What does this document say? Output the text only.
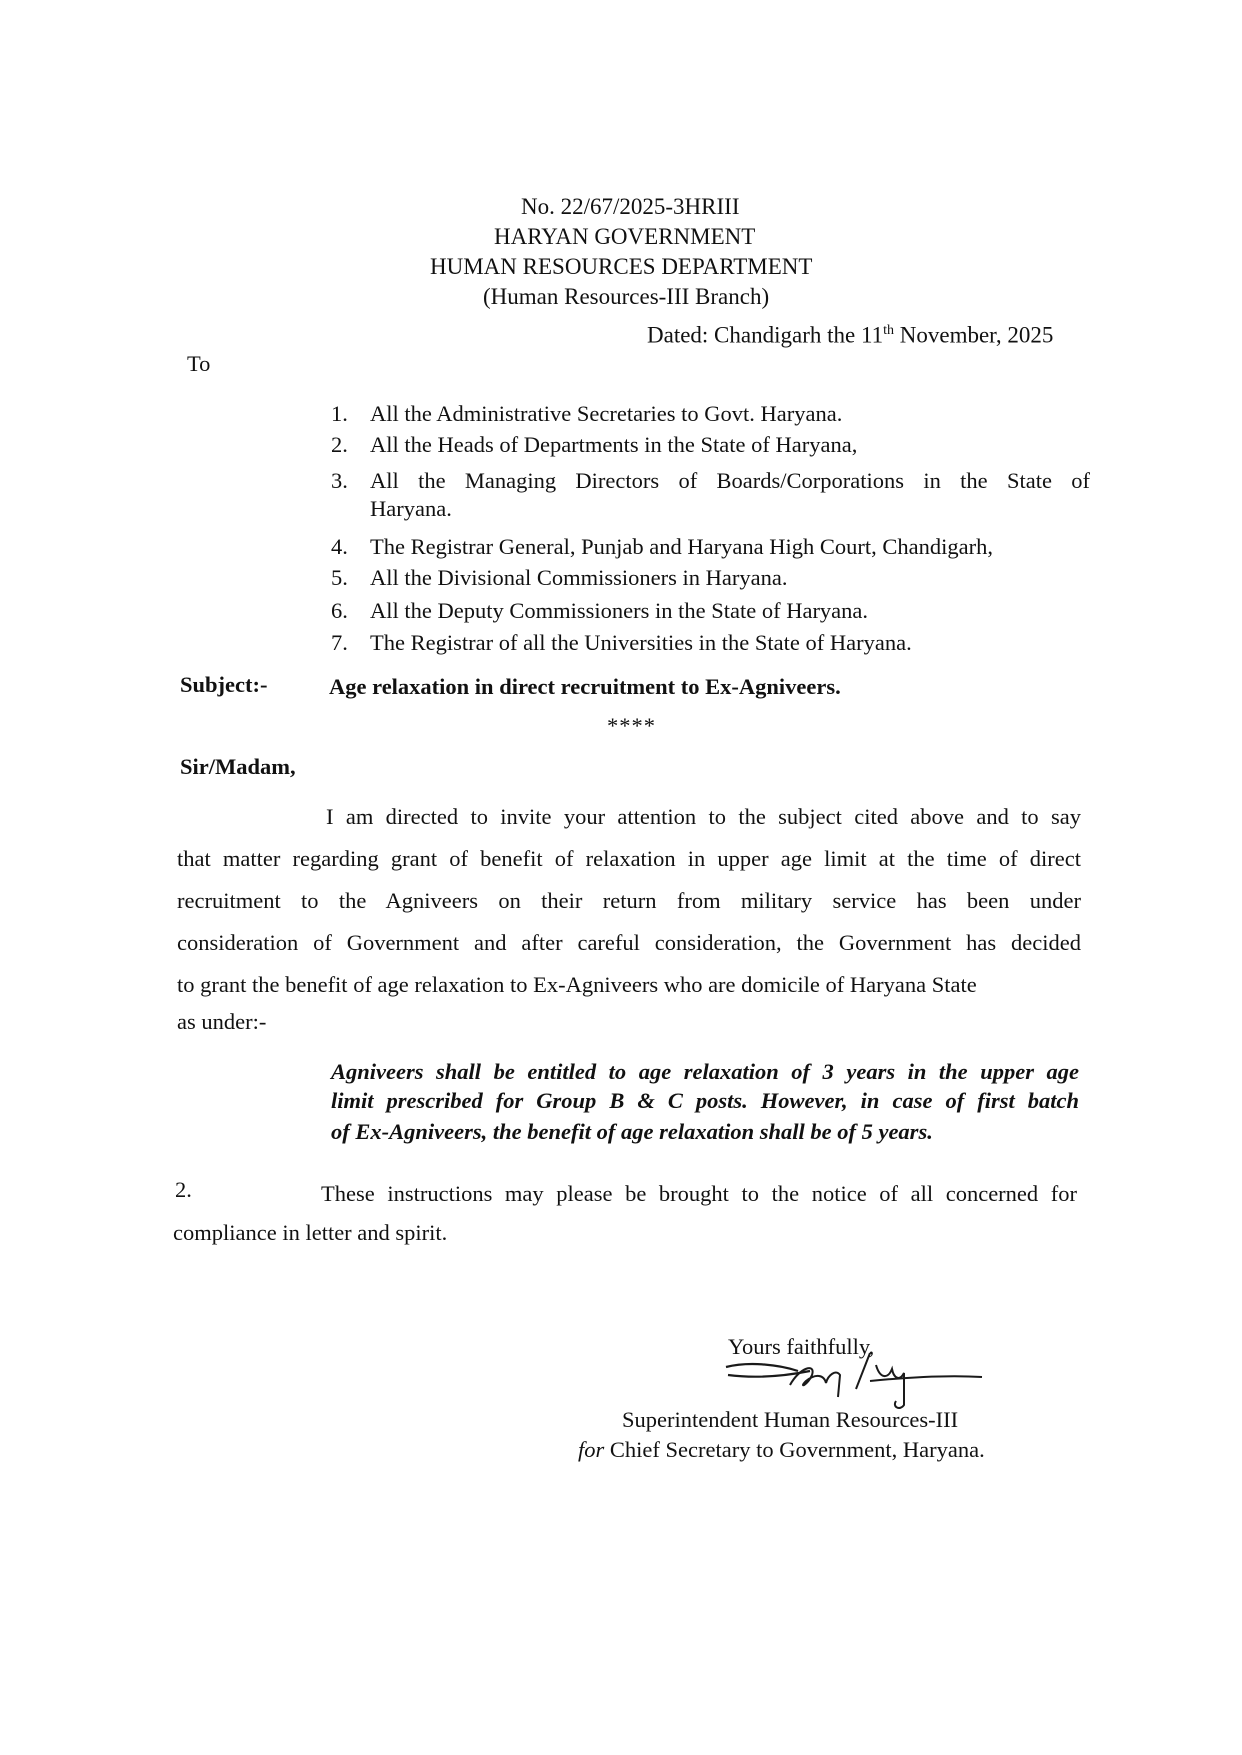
No. 22/67/2025-3HRIII
HARYAN GOVERNMENT
HUMAN RESOURCES DEPARTMENT
(Human Resources-III Branch)
Dated: Chandigarh the 11th November, 2025
To
1. All the Administrative Secretaries to Govt. Haryana.
2. All the Heads of Departments in the State of Haryana,
3. All the Managing Directors of Boards/Corporations in the State of
Haryana.
4. The Registrar General, Punjab and Haryana High Court, Chandigarh,
5. All the Divisional Commissioners in Haryana.
6. All the Deputy Commissioners in the State of Haryana.
7. The Registrar of all the Universities in the State of Haryana.
Subject:-	Age relaxation in direct recruitment to Ex-Agniveers.
****
Sir/Madam,
I am directed to invite your attention to the subject cited above and to say
that matter regarding grant of benefit of relaxation in upper age limit at the time of direct
recruitment to the Agniveers on their return from military service has been under
consideration of Government and after careful consideration, the Government has decided
to grant the benefit of age relaxation to Ex-Agniveers who are domicile of Haryana State
as under:-
Agniveers shall be entitled to age relaxation of 3 years in the upper age
limit prescribed for Group B & C posts. However, in case of first batch
of Ex-Agniveers, the benefit of age relaxation shall be of 5 years.
2.	These instructions may please be brought to the notice of all concerned for
compliance in letter and spirit.
Yours faithfully,
Superintendent Human Resources-III
for Chief Secretary to Government, Haryana.
